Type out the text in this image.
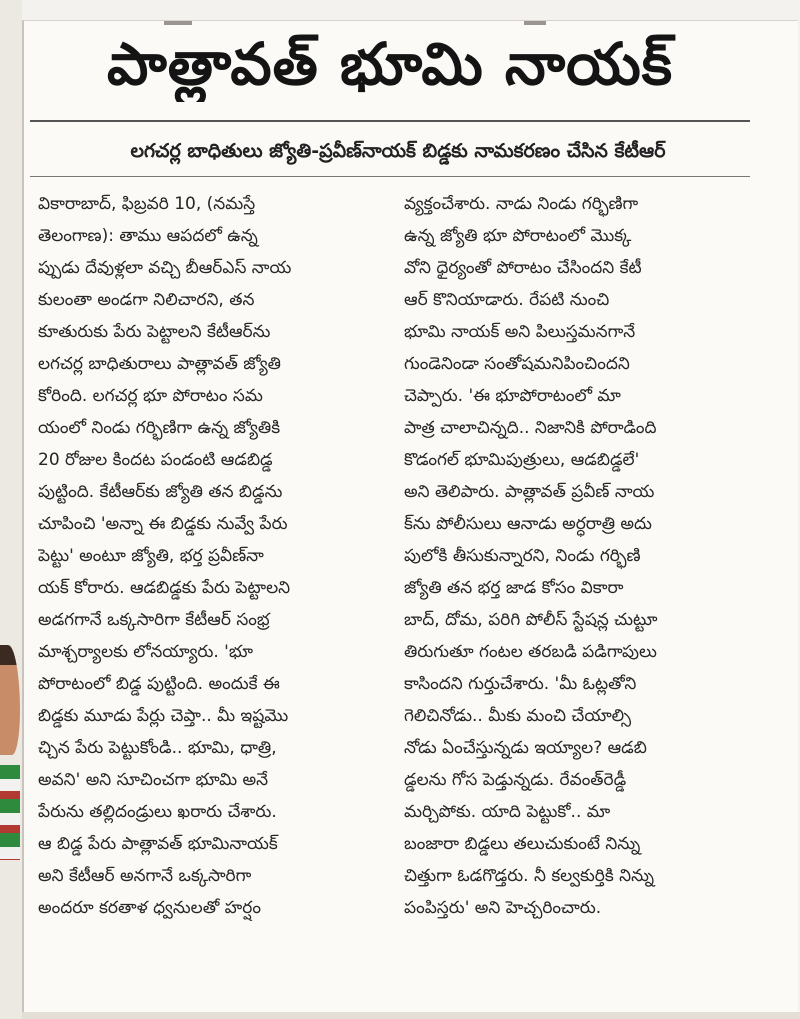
పాత్లావత్ భూమి నాయక్
లగచర్ల బాధితులు జ్యోతి-ప్రవీణ్‌నాయక్ బిడ్డకు నామకరణం చేసిన కేటీఆర్
వికారాబాద్, ఫిబ్రవరి 10, (నమస్తే
తెలంగాణ): తాము ఆపదలో ఉన్న
ప్పుడు దేవుళ్లలా వచ్చి బీఆర్‌ఎస్ నాయ
కులంతా అండగా నిలిచారని, తన
కూతురుకు పేరు పెట్టాలని కేటీఆర్‌ను
లగచర్ల బాధితురాలు పాత్లావత్ జ్యోతి
కోరింది. లగచర్ల భూ పోరాటం సమ
యంలో నిండు గర్భిణిగా ఉన్న జ్యోతికి
20 రోజుల కిందట పండంటి ఆడబిడ్డ
పుట్టింది. కేటీఆర్‌కు జ్యోతి తన బిడ్డను
చూపించి 'అన్నా ఈ బిడ్డకు నువ్వే పేరు
పెట్టు' అంటూ జ్యోతి, భర్త ప్రవీణ్‌నా
యక్ కోరారు. ఆడబిడ్డకు పేరు పెట్టాలని
అడగగానే ఒక్కసారిగా కేటీఆర్ సంభ్ర
మాశ్చర్యాలకు లోనయ్యారు. 'భూ
పోరాటంలో బిడ్డ పుట్టింది. అందుకే ఈ
బిడ్డకు మూడు పేర్లు చెప్తా.. మీ ఇష్టమొ
చ్చిన పేరు పెట్టుకోండి.. భూమి, ధాత్రి,
అవని' అని సూచించగా భూమి అనే
పేరును తల్లిదండ్రులు ఖరారు చేశారు.
ఆ బిడ్డ పేరు పాత్లావత్ భూమినాయక్
అని కేటీఆర్ అనగానే ఒక్కసారిగా
అందరూ కరతాళ ధ్వనులతో హర్షం
వ్యక్తంచేశారు. నాడు నిండు గర్భిణిగా
ఉన్న జ్యోతి భూ పోరాటంలో మొక్క
వోని ధైర్యంతో పోరాటం చేసిందని కేటీ
ఆర్ కొనియాడారు. రేపటి నుంచి
భూమి నాయక్ అని పిలుస్తమనగానే
గుండెనిండా సంతోషమనిపించిందని
చెప్పారు. 'ఈ భూపోరాటంలో మా
పాత్ర చాలాచిన్నది.. నిజానికి పోరాడింది
కొడంగల్ భూమిపుత్రులు, ఆడబిడ్డలే'
అని తెలిపారు. పాత్లావత్ ప్రవీణ్ నాయ
క్‌ను పోలీసులు ఆనాడు అర్ధరాత్రి అదు
పులోకి తీసుకున్నారని, నిండు గర్భిణి
జ్యోతి తన భర్త జాడ కోసం వికారా
బాద్, దోమ, పరిగి పోలీస్ స్టేషన్ల చుట్టూ
తిరుగుతూ గంటల తరబడి పడిగాపులు
కాసిందని గుర్తుచేశారు. 'మీ ఓట్లతోని
గెలిచినోడు.. మీకు మంచి చేయాల్సి
నోడు ఏంచేస్తున్నడు ఇయ్యాల? ఆడబి
డ్డలను గోస పెడ్తున్నడు. రేవంత్‌రెడ్డీ
మర్చిపోకు. యాది పెట్టుకో.. మా
బంజారా బిడ్డలు తలుచుకుంటే నిన్ను
చిత్తుగా ఓడగొడ్తరు. నీ కల్వకుర్తికి నిన్ను
పంపిస్తరు' అని హెచ్చరించారు.
